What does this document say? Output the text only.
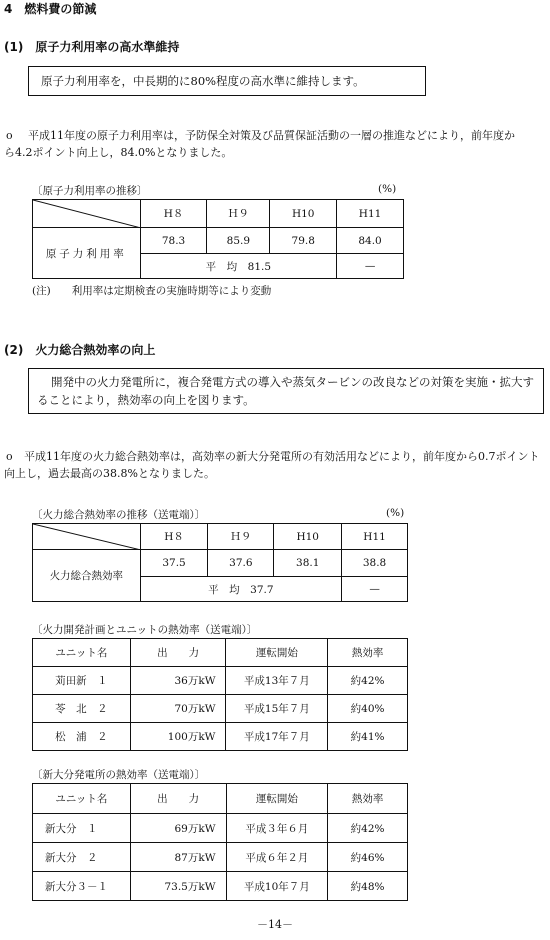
4　燃料費の節減
(1)　原子力利用率の高水準維持
原子力利用率を，中長期的に80%程度の高水準に維持します。
o	平成11年度の原子力利用率は，予防保全対策及び品質保証活動の一層の推進などにより，前年度から4.2ポイント向上し，84.0%となりました。
〔原子力利用率の推移〕	(%)
	H８	Ｈ９	H10	H11
原子力利用率	78.3	85.9	79.8	84.0
	平　均　81.5			—
(注)　　利用率は定期検査の実施時期等により変動
(2)　火力総合熱効率の向上
開発中の火力発電所に，複合発電方式の導入や蒸気タービンの改良などの対策を実施・拡大することにより，熱効率の向上を図ります。
o	平成11年度の火力総合熱効率は，高効率の新大分発電所の有効活用などにより，前年度から0.7ポイント向上し，過去最高の38.8%となりました。
〔火力総合熱効率の推移（送電端）〕	(%)
	H８	Ｈ９	H10	H11
火力総合熱効率	37.5	37.6	38.1	38.8
	平　均　37.7			—
〔火力開発計画とユニットの熱効率（送電端）〕
ユニット名	出　　力	運転開始	熱効率
苅田新　１	36万kW	平成13年７月	約42%
苓　北　２	70万kW	平成15年７月	約40%
松　浦　２	100万kW	平成17年７月	約41%
〔新大分発電所の熱効率（送電端）〕
ユニット名	出　　力	運転開始	熱効率
新大分　１	69万kW	平成３年６月	約42%
新大分　２	87万kW	平成６年２月	約46%
新大分３－１	73.5万kW	平成10年７月	約48%
－14－
